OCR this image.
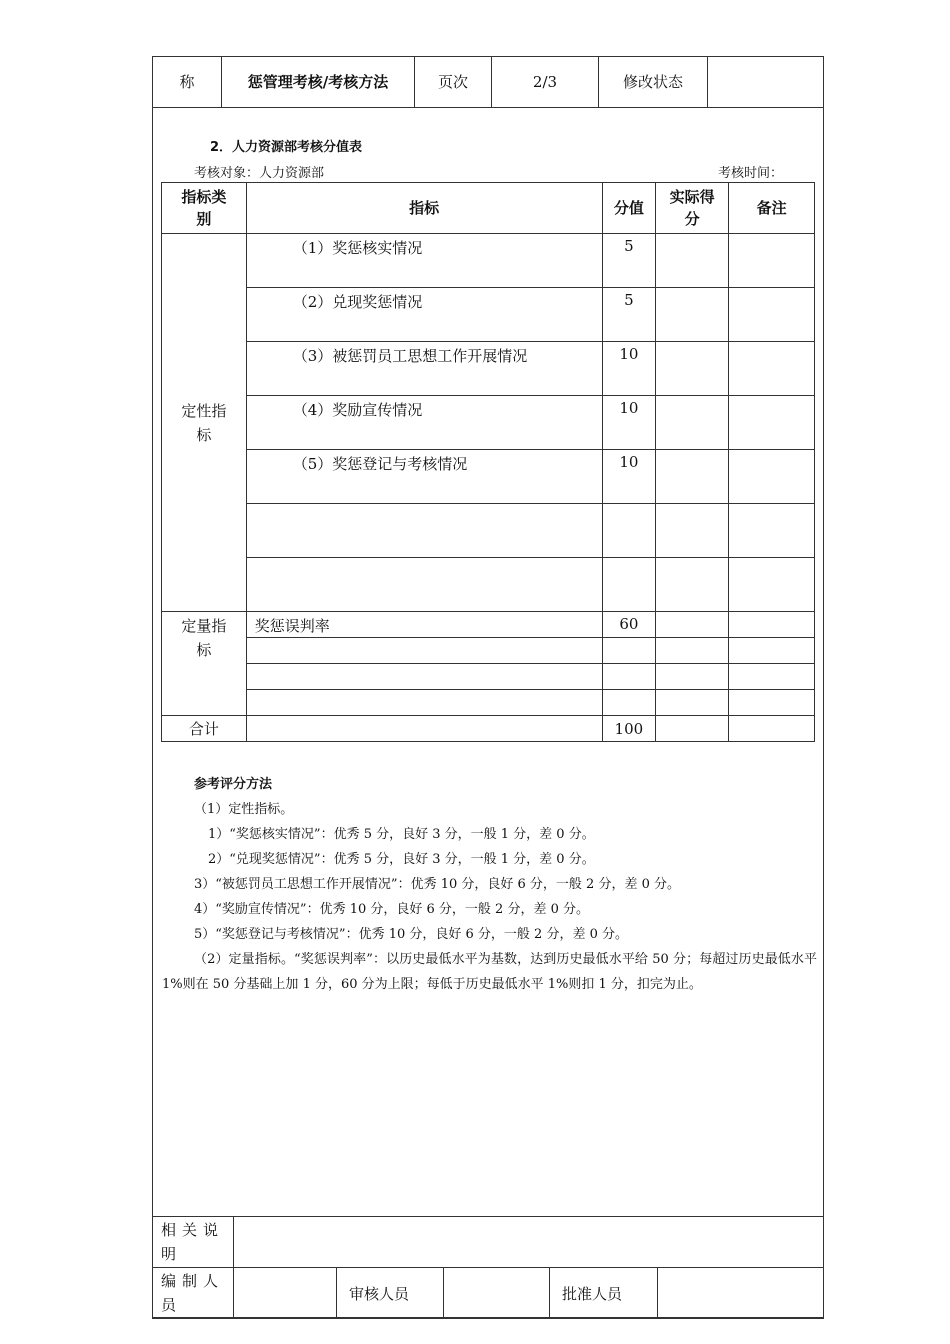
称	惩管理考核/考核方法	页次	2/3	修改状态	
2．人力资源部考核分值表
考核对象：人力资源部	考核时间：
指标类别	指标	分值	实际得分	备注
定性指标	（1）奖惩核实情况	5		
	（2）兑现奖惩情况	5		
	（3）被惩罚员工思想工作开展情况	10		
	（4）奖励宣传情况	10		
	（5）奖惩登记与考核情况	10		

定量指标	奖惩误判率	60		

合计		100		
参考评分方法
（1）定性指标。
1）“奖惩核实情况”：优秀 5 分，良好 3 分，一般 1 分，差 0 分。
2）“兑现奖惩情况”：优秀 5 分，良好 3 分，一般 1 分，差 0 分。
3）“被惩罚员工思想工作开展情况”：优秀 10 分，良好 6 分，一般 2 分，差 0 分。
4）“奖励宣传情况”：优秀 10 分，良好 6 分，一般 2 分，差 0 分。
5）“奖惩登记与考核情况”：优秀 10 分，良好 6 分，一般 2 分，差 0 分。
（2）定量指标。“奖惩误判率”：以历史最低水平为基数，达到历史最低水平给 50 分；每超过历史最低水平 1%则在 50 分基础上加 1 分，60 分为上限；每低于历史最低水平 1%则扣 1 分，扣完为止。
相关说明					
编制人员		审核人员		批准人员	
